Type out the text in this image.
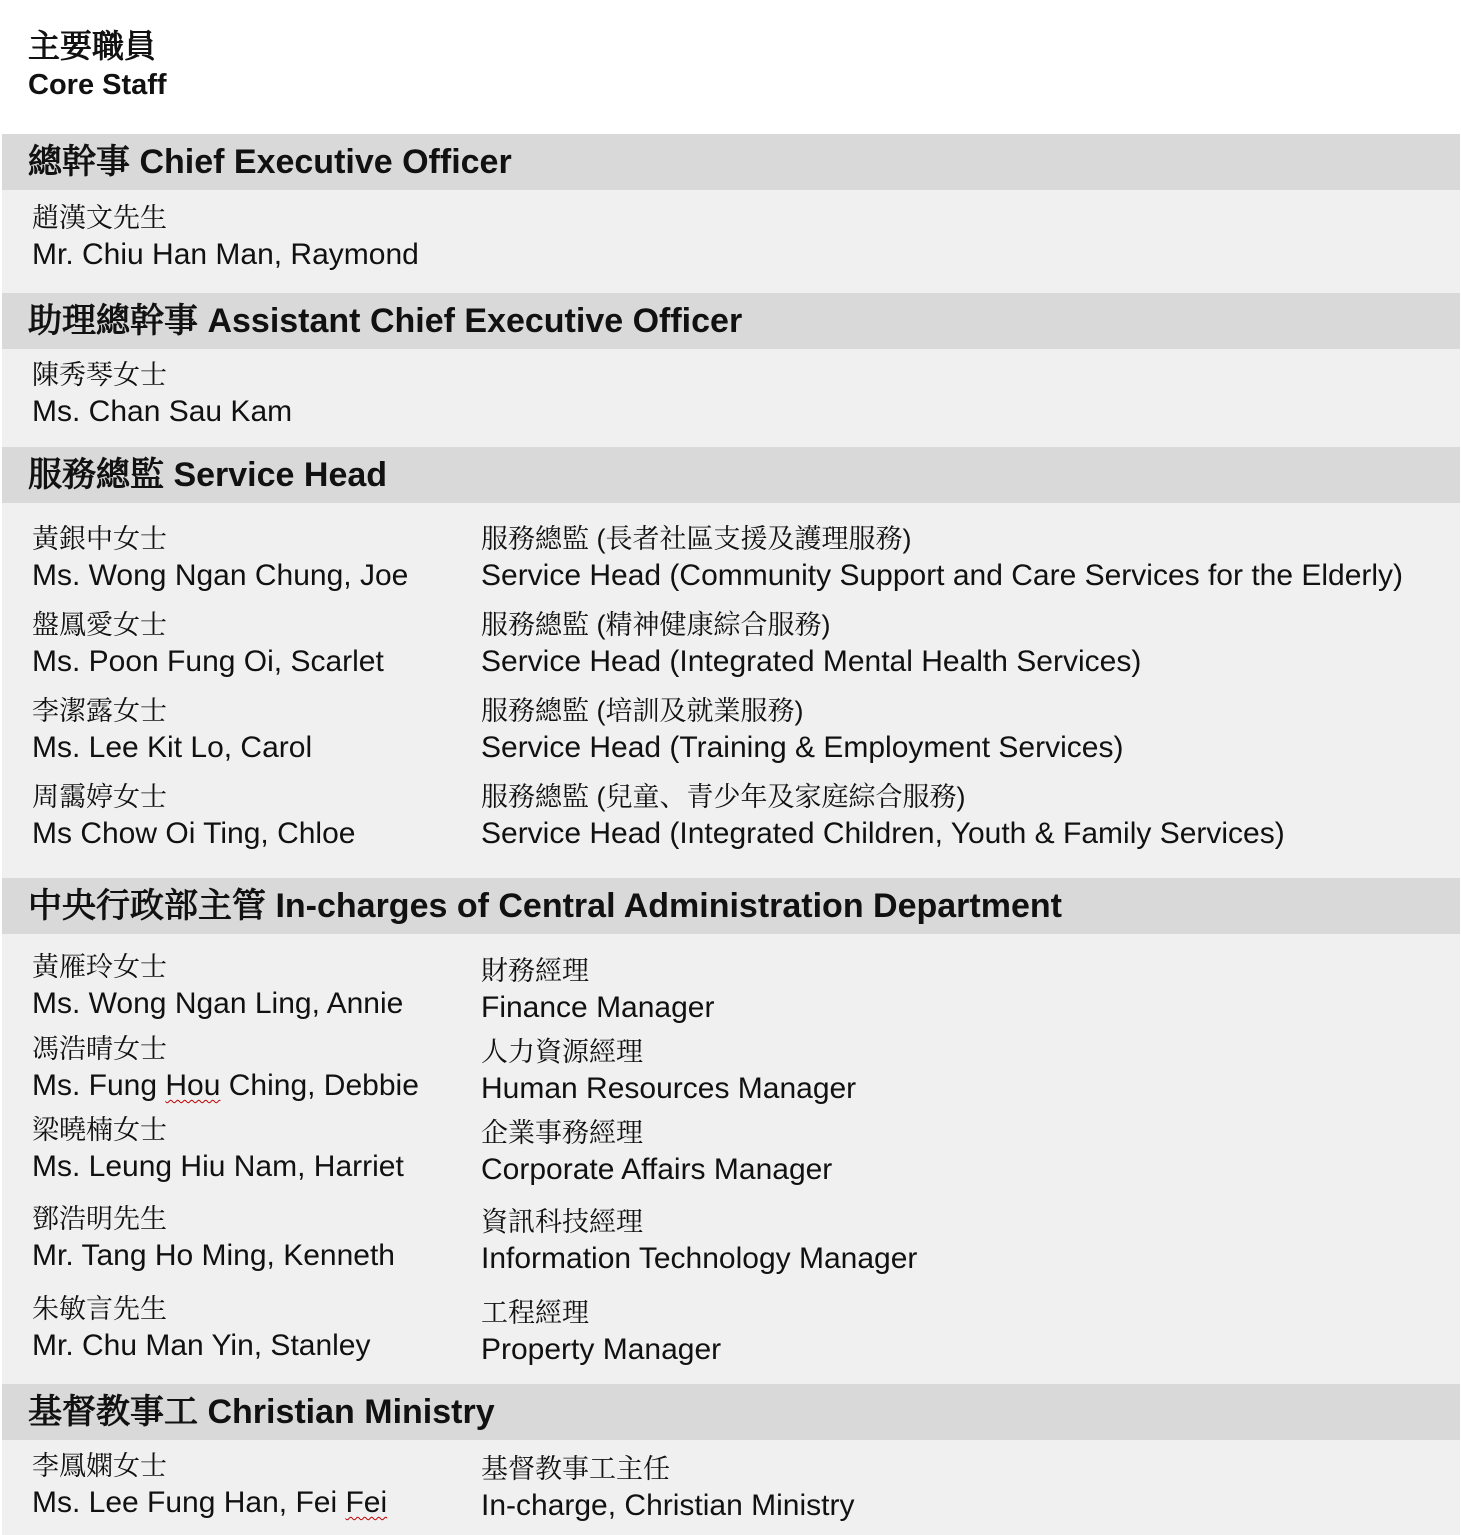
主要職員
Core Staff
總幹事 Chief Executive Officer
趙漢文先生
Mr. Chiu Han Man, Raymond
助理總幹事 Assistant Chief Executive Officer
陳秀琴女士
Ms. Chan Sau Kam
服務總監 Service Head
黃銀中女士
Ms. Wong Ngan Chung, Joe
服務總監 (長者社區支援及護理服務)
Service Head (Community Support and Care Services for the Elderly)
盤鳳愛女士
Ms. Poon Fung Oi, Scarlet
服務總監 (精神健康綜合服務)
Service Head (Integrated Mental Health Services)
李潔露女士
Ms. Lee Kit Lo, Carol
服務總監 (培訓及就業服務)
Service Head (Training & Employment Services)
周靄婷女士
Ms Chow Oi Ting, Chloe
服務總監 (兒童、青少年及家庭綜合服務)
Service Head (Integrated Children, Youth & Family Services)
中央行政部主管 In-charges of Central Administration Department
黃雁玲女士
Ms. Wong Ngan Ling, Annie
財務經理
Finance Manager
馮浩晴女士
Ms. Fung Hou Ching, Debbie
人力資源經理
Human Resources Manager
梁曉楠女士
Ms. Leung Hiu Nam, Harriet
企業事務經理
Corporate Affairs Manager
鄧浩明先生
Mr. Tang Ho Ming, Kenneth
資訊科技經理
Information Technology Manager
朱敏言先生
Mr. Chu Man Yin, Stanley
工程經理
Property Manager
基督教事工 Christian Ministry
李鳳嫻女士
Ms. Lee Fung Han, Fei Fei
基督教事工主任
In-charge, Christian Ministry
